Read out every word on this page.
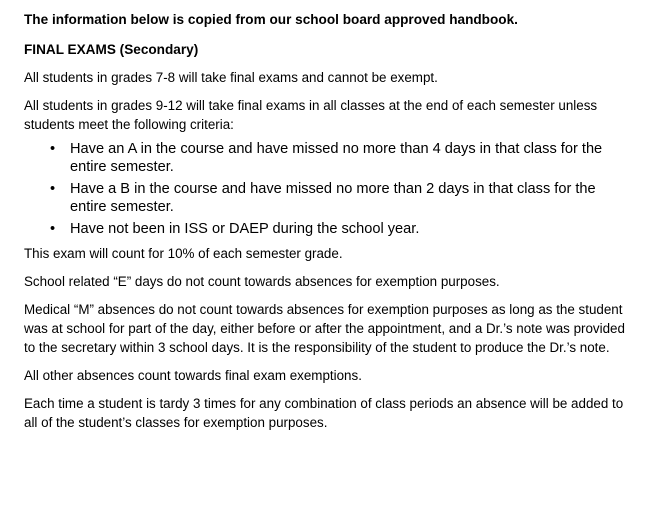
The information below is copied from our school board approved handbook.

FINAL EXAMS (Secondary)

All students in grades 7-8 will take final exams and cannot be exempt.

All students in grades 9-12 will take final exams in all classes at the end of each semester unless students meet the following criteria:

• Have an A in the course and have missed no more than 4 days in that class for the entire semester.
• Have a B in the course and have missed no more than 2 days in that class for the entire semester.
• Have not been in ISS or DAEP during the school year.

This exam will count for 10% of each semester grade.

School related “E” days do not count towards absences for exemption purposes.

Medical “M” absences do not count towards absences for exemption purposes as long as the student was at school for part of the day, either before or after the appointment, and a Dr.’s note was provided to the secretary within 3 school days. It is the responsibility of the student to produce the Dr.’s note.

All other absences count towards final exam exemptions.

Each time a student is tardy 3 times for any combination of class periods an absence will be added to all of the student’s classes for exemption purposes.
